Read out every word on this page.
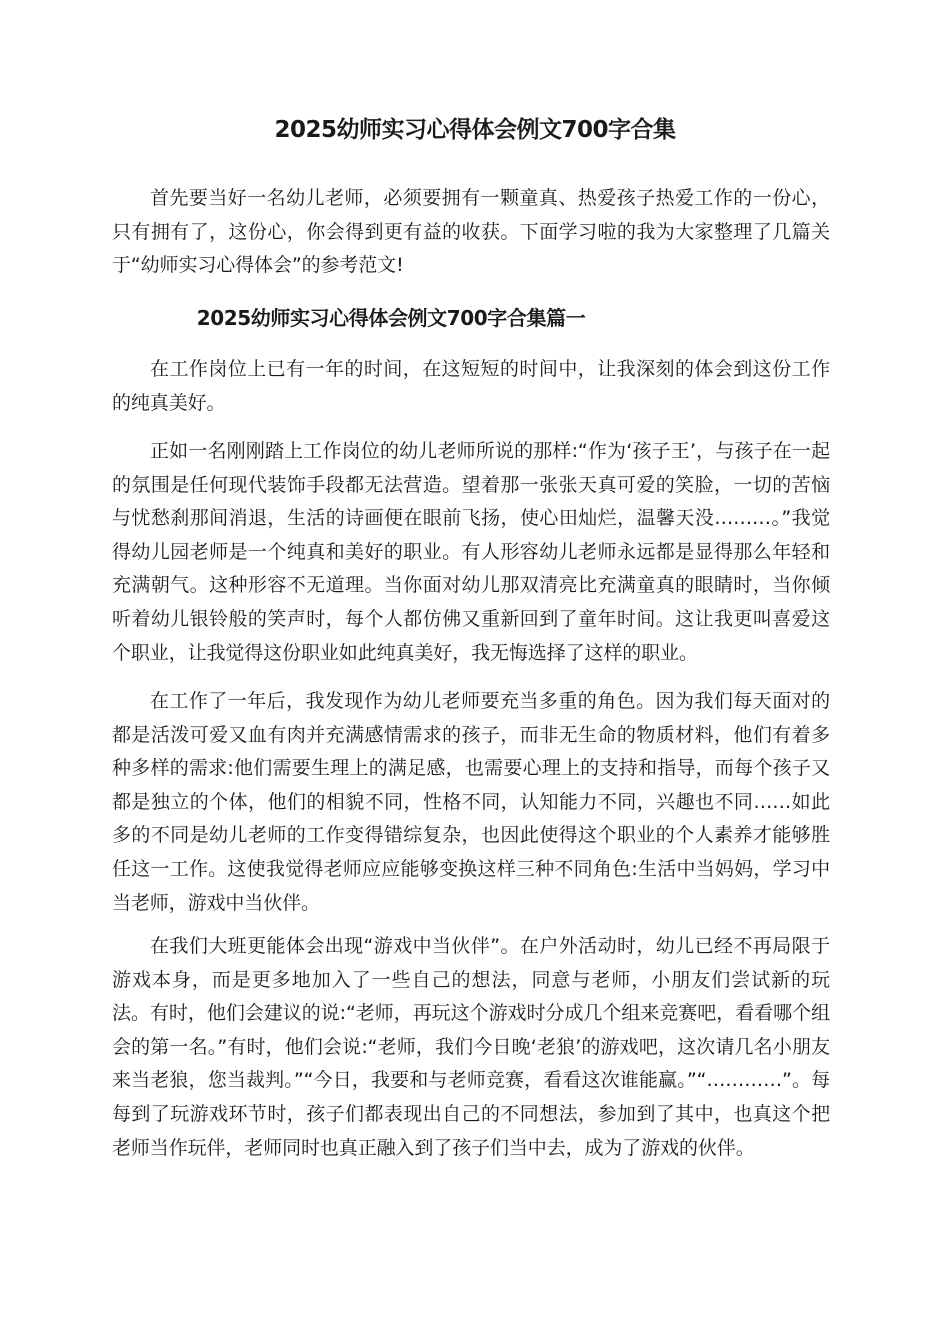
2025幼师实习心得体会例文700字合集

首先要当好一名幼儿老师，必须要拥有一颗童真、热爱孩子热爱工作的一份心，只有拥有了，这份心，你会得到更有益的收获。下面学习啦的我为大家整理了几篇关于“幼师实习心得体会”的参考范文!

2025幼师实习心得体会例文700字合集篇一

在工作岗位上已有一年的时间，在这短短的时间中，让我深刻的体会到这份工作的纯真美好。

正如一名刚刚踏上工作岗位的幼儿老师所说的那样:“作为‘孩子王’，与孩子在一起的氛围是任何现代装饰手段都无法营造。望着那一张张天真可爱的笑脸，一切的苦恼与忧愁刹那间消退，生活的诗画便在眼前飞扬，使心田灿烂，温馨天没………。”我觉得幼儿园老师是一个纯真和美好的职业。有人形容幼儿老师永远都是显得那么年轻和充满朝气。这种形容不无道理。当你面对幼儿那双清亮比充满童真的眼睛时，当你倾听着幼儿银铃般的笑声时，每个人都仿佛又重新回到了童年时间。这让我更叫喜爱这个职业，让我觉得这份职业如此纯真美好，我无悔选择了这样的职业。

在工作了一年后，我发现作为幼儿老师要充当多重的角色。因为我们每天面对的都是活泼可爱又血有肉并充满感情需求的孩子，而非无生命的物质材料，他们有着多种多样的需求:他们需要生理上的满足感，也需要心理上的支持和指导，而每个孩子又都是独立的个体，他们的相貌不同，性格不同，认知能力不同，兴趣也不同……如此多的不同是幼儿老师的工作变得错综复杂，也因此使得这个职业的个人素养才能够胜任这一工作。这使我觉得老师应应能够变换这样三种不同角色:生活中当妈妈，学习中当老师，游戏中当伙伴。

在我们大班更能体会出现“游戏中当伙伴”。在户外活动时，幼儿已经不再局限于游戏本身，而是更多地加入了一些自己的想法，同意与老师，小朋友们尝试新的玩法。有时，他们会建议的说:“老师，再玩这个游戏时分成几个组来竞赛吧，看看哪个组会的第一名。”有时，他们会说:“老师，我们今日晚‘老狼’的游戏吧，这次请几名小朋友来当老狼，您当裁判。”“今日，我要和与老师竞赛，看看这次谁能赢。”“…………”。每每到了玩游戏环节时，孩子们都表现出自己的不同想法，参加到了其中，也真这个把老师当作玩伴，老师同时也真正融入到了孩子们当中去，成为了游戏的伙伴。
